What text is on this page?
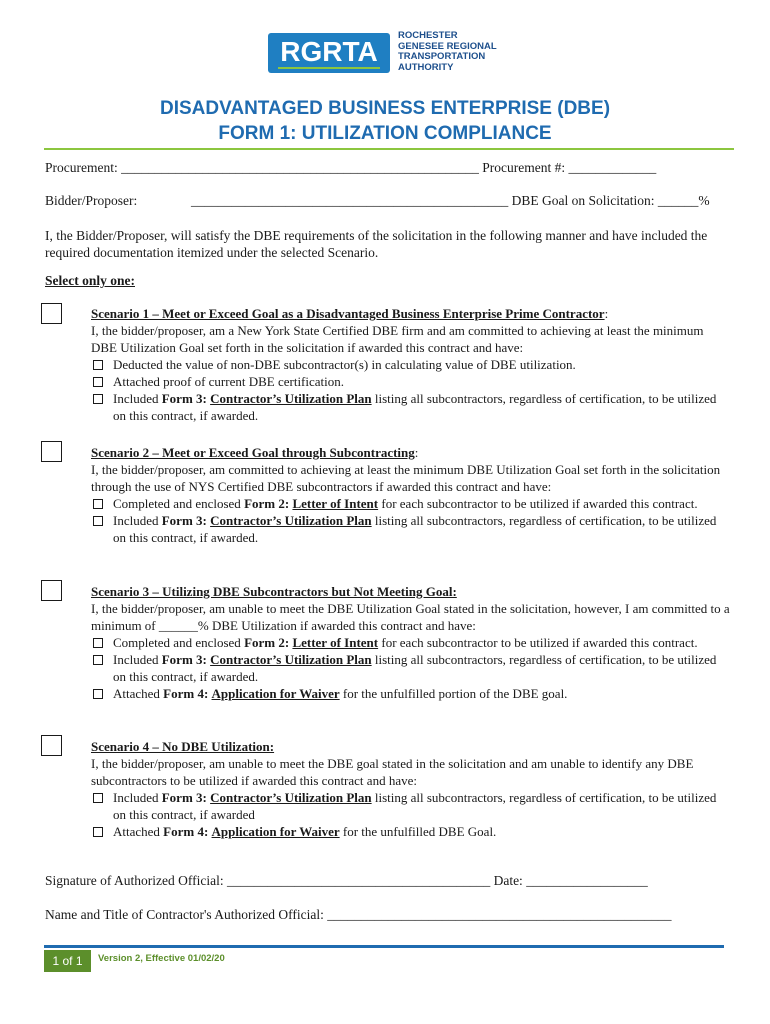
RGRTA
ROCHESTER
GENESEE REGIONAL
TRANSPORTATION
AUTHORITY
DISADVANTAGED BUSINESS ENTERPRISE (DBE)
FORM 1: UTILIZATION COMPLIANCE
Procurement: _____________________________________________________ Procurement #: _____________
Bidder/Proposer:	_______________________________________________ DBE Goal on Solicitation: ______%
I, the Bidder/Proposer, will satisfy the DBE requirements of the solicitation in the following manner and have included the required documentation itemized under the selected Scenario.
Select only one:
Scenario 1 – Meet or Exceed Goal as a Disadvantaged Business Enterprise Prime Contractor:
I, the bidder/proposer, am a New York State Certified DBE firm and am committed to achieving at least the minimum DBE Utilization Goal set forth in the solicitation if awarded this contract and have:
Deducted the value of non-DBE subcontractor(s) in calculating value of DBE utilization.
Attached proof of current DBE certification.
Included Form 3: Contractor’s Utilization Plan listing all subcontractors, regardless of certification, to be utilized on this contract, if awarded.
Scenario 2 – Meet or Exceed Goal through Subcontracting:
I, the bidder/proposer, am committed to achieving at least the minimum DBE Utilization Goal set forth in the solicitation through the use of NYS Certified DBE subcontractors if awarded this contract and have:
Completed and enclosed Form 2: Letter of Intent for each subcontractor to be utilized if awarded this contract.
Included Form 3: Contractor’s Utilization Plan listing all subcontractors, regardless of certification, to be utilized on this contract, if awarded.
Scenario 3 – Utilizing DBE Subcontractors but Not Meeting Goal:
I, the bidder/proposer, am unable to meet the DBE Utilization Goal stated in the solicitation, however, I am committed to a minimum of ______% DBE Utilization if awarded this contract and have:
Completed and enclosed Form 2: Letter of Intent for each subcontractor to be utilized if awarded this contract.
Included Form 3: Contractor’s Utilization Plan listing all subcontractors, regardless of certification, to be utilized on this contract, if awarded.
Attached Form 4: Application for Waiver for the unfulfilled portion of the DBE goal.
Scenario 4 – No DBE Utilization:
I, the bidder/proposer, am unable to meet the DBE goal stated in the solicitation and am unable to identify any DBE subcontractors to be utilized if awarded this contract and have:
Included Form 3: Contractor’s Utilization Plan listing all subcontractors, regardless of certification, to be utilized on this contract, if awarded
Attached Form 4: Application for Waiver for the unfulfilled DBE Goal.
Signature of Authorized Official: _______________________________________ Date: __________________
Name and Title of Contractor's Authorized Official: ___________________________________________________
1 of 1	Version 2, Effective 01/02/20
